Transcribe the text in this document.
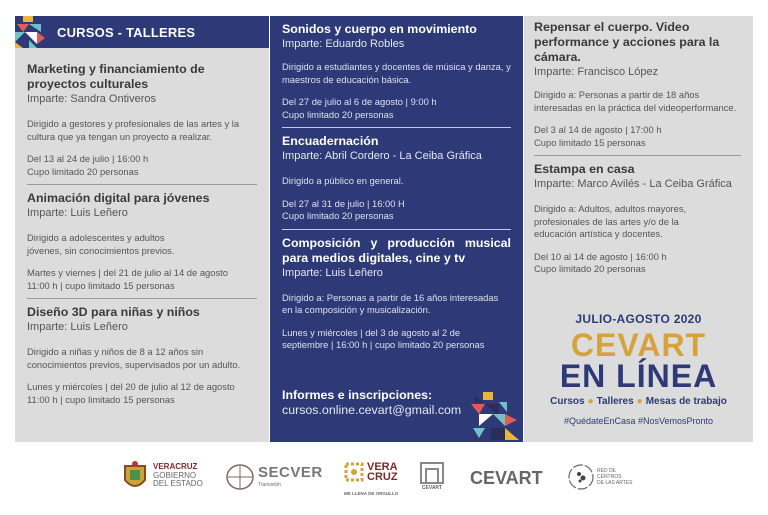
CURSOS - TALLERES
Marketing y financiamiento de proyectos culturales
Imparte: Sandra Ontiveros
Dirigido a gestores y profesionales de las artes y la cultura que ya tengan un proyecto a realizar.
Del 13 al 24 de julio | 16:00 h
Cupo limitado 20 personas
Animación digital para jóvenes
Imparte: Luis Leñero
Dirigido a adolescentes y adultos jóvenes, sin conocimientos previos.
Martes y viernes | del 21 de julio al 14 de agosto
11:00 h | cupo limitado 15 personas
Diseño 3D para niñas y niños
Imparte: Luis Leñero
Dirigido a niñas y niños de 8 a 12 años sin conocimientos previos, supervisados por un adulto.
Lunes y miércoles | del 20 de julio al 12 de agosto
11:00 h | cupo limitado 15 personas
Sonidos y cuerpo en movimiento
Imparte: Eduardo Robles
Dirigido a estudiantes y docentes de música y danza, y maestros de educación básica.
Del 27 de julio al 6 de agosto | 9:00 h
Cupo limitado 20 personas
Encuadernación
Imparte: Abril Cordero - La Ceiba Gráfica
Dirigido a público en general.
Del 27 al 31 de julio | 16:00 H
Cupo limitado 20 personas
Composición y producción musical para medios digitales, cine y tv
Imparte: Luis Leñero
Dirigido a: Personas a partir de 16 años interesadas en la composición y musicalización.
Lunes y miércoles | del 3 de agosto al 2 de
septiembre | 16:00 h | cupo limitado 20 personas
Informes e inscripciones:
cursos.online.cevart@gmail.com
Repensar el cuerpo. Video performance y acciones para la cámara.
Imparte: Francisco López
Dirigido a: Personas a partir de 18 años interesadas en la práctica del videoperformance.
Del 3 al 14 de agosto | 17:00 h
Cupo limitado 15 personas
Estampa en casa
Imparte: Marco Avilés - La Ceiba Gráfica
Dirigido a: Adultos, adultos mayores, profesionales de las artes y/o de la educación artística y docentes.
Del 10 al 14 de agosto | 16:00 h
Cupo limitado 20 personas
JULIO-AGOSTO 2020
CEVART
EN LÍNEA
Cursos ● Talleres ● Mesas de trabajo
#QuédateEnCasa #NosVemosPronto
VERACRUZ
GOBIERNO
DEL ESTADO
SECVER
Transición
VERA
CRUZ
ME LLENA DE ORGULLO
CEVART CEVART	RED DE
CENTROS
DE LAS ARTES
